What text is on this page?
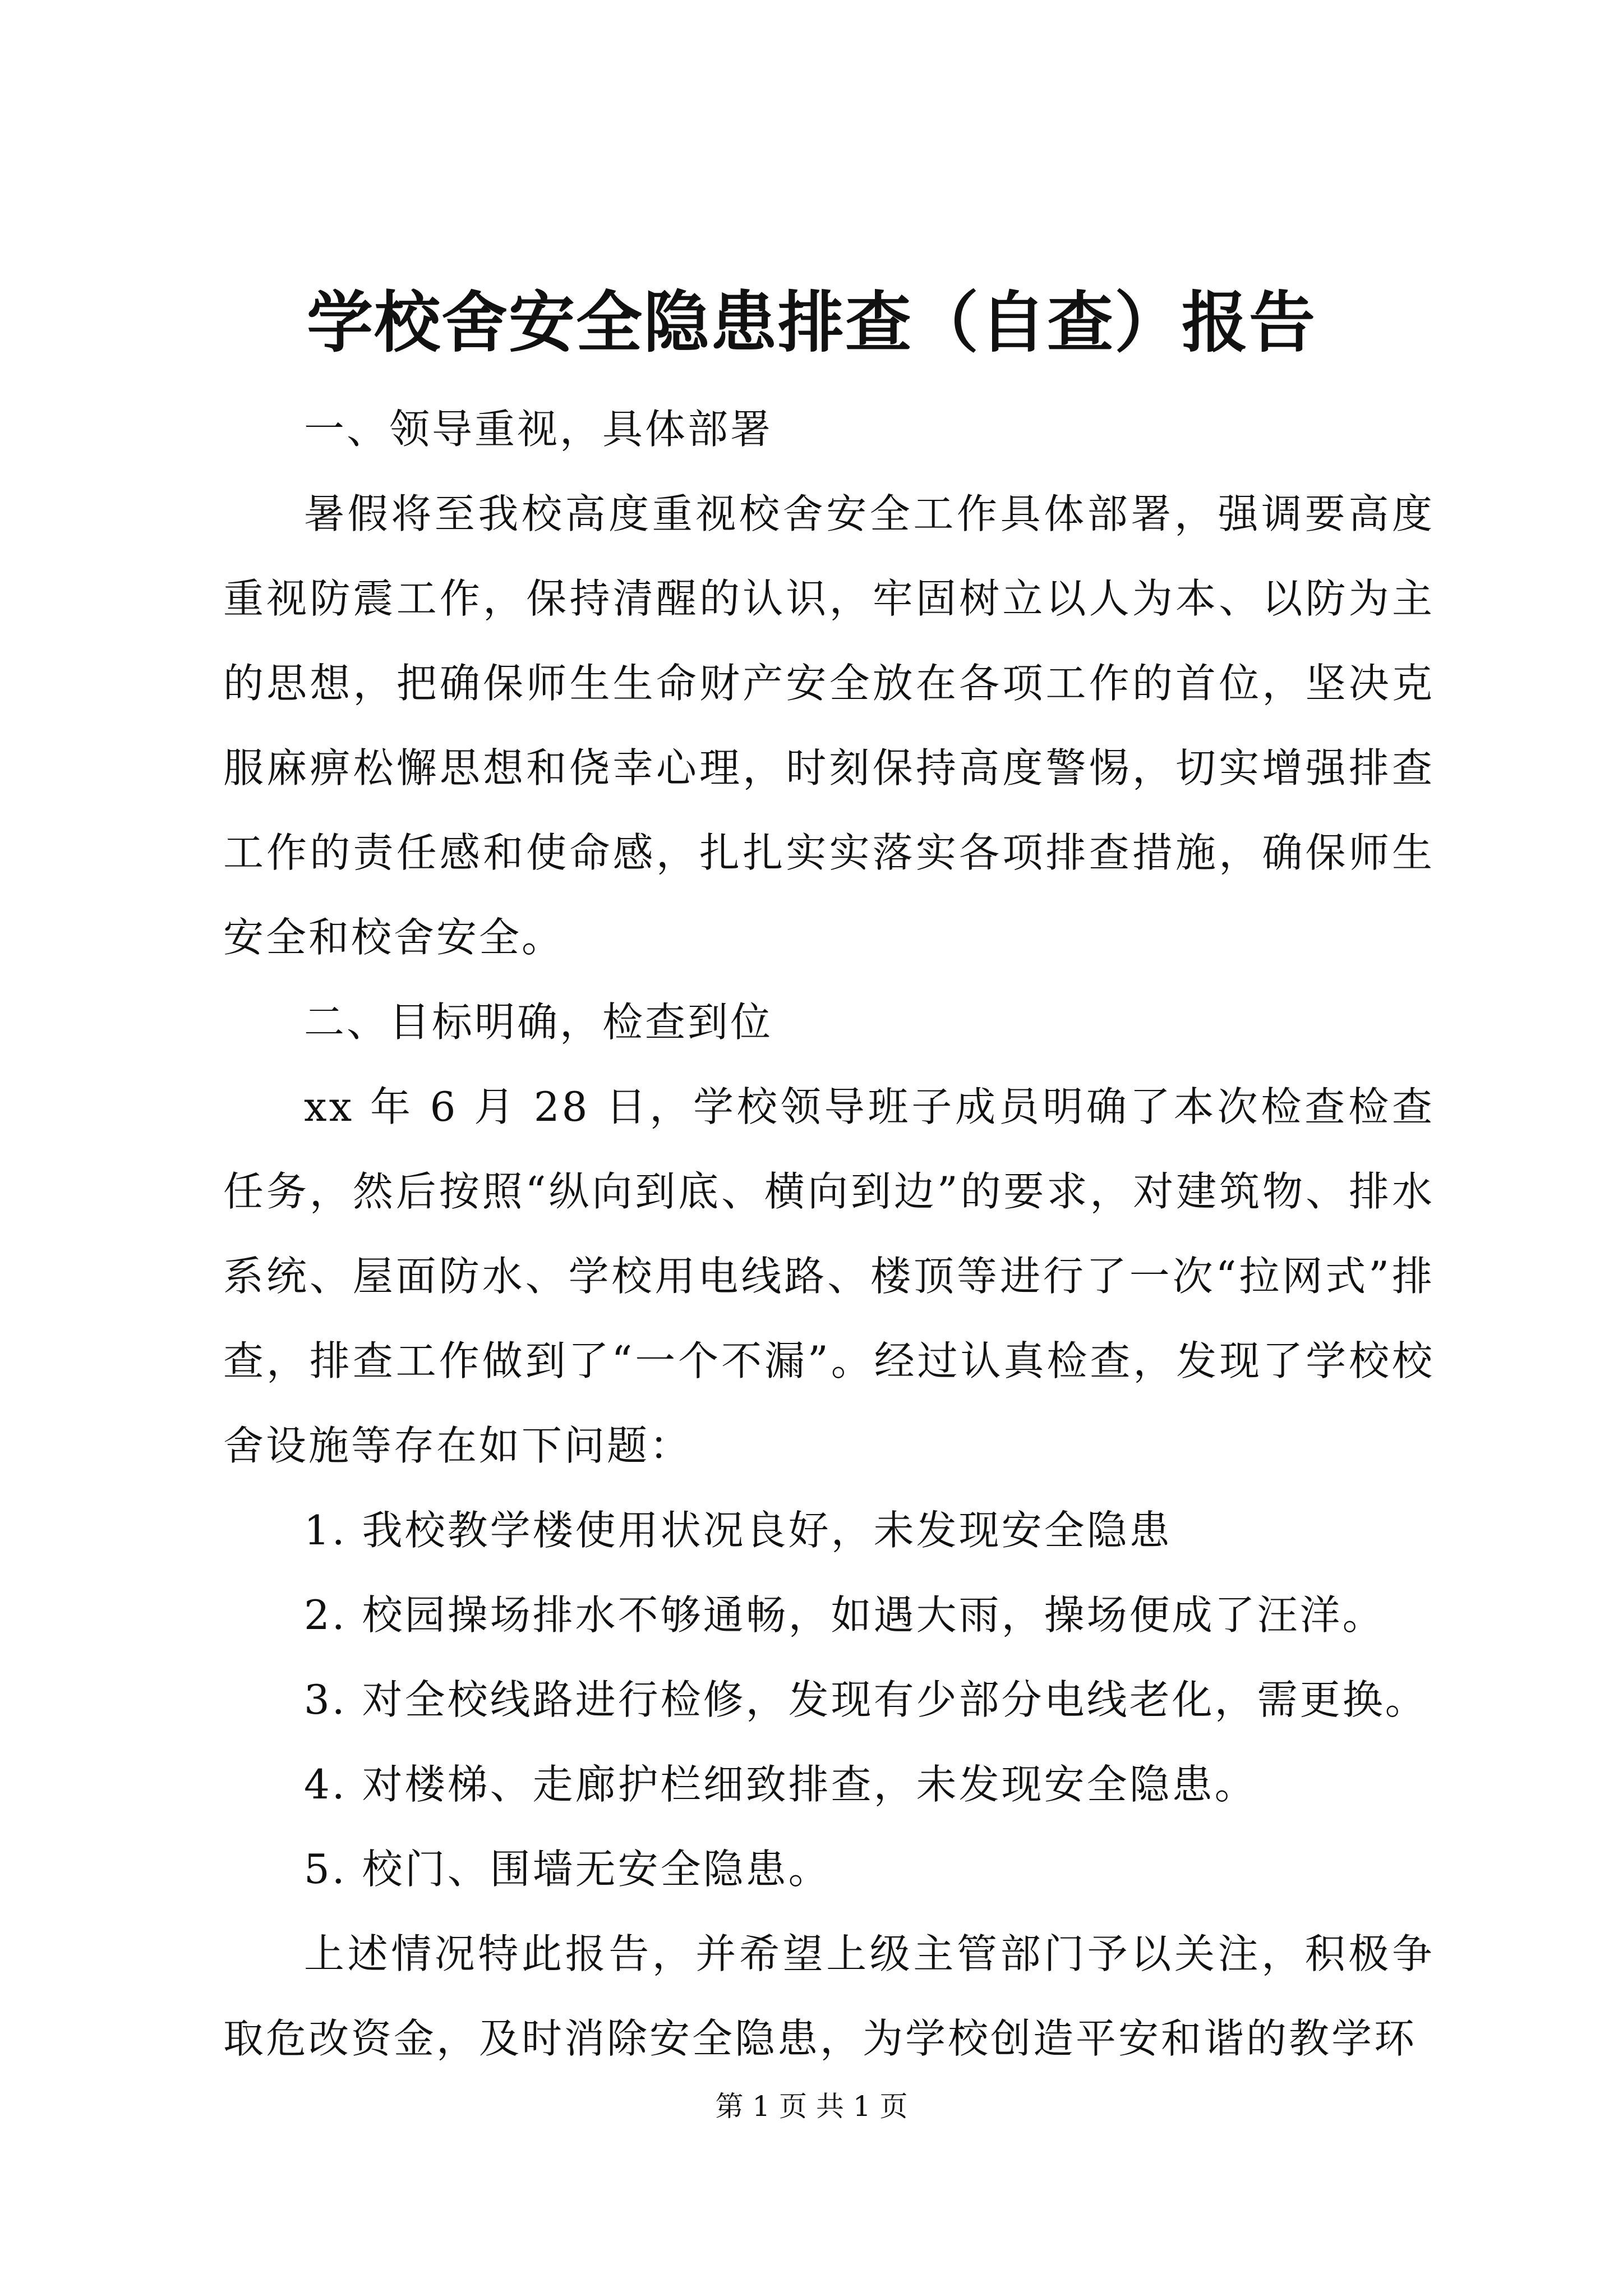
学校舍安全隐患排查（自查）报告

一、领导重视，具体部署

暑假将至我校高度重视校舍安全工作具体部署，强调要高度重视防震工作，保持清醒的认识，牢固树立以人为本、以防为主的思想，把确保师生生命财产安全放在各项工作的首位，坚决克服麻痹松懈思想和侥幸心理，时刻保持高度警惕，切实增强排查工作的责任感和使命感，扎扎实实落实各项排查措施，确保师生安全和校舍安全。

二、目标明确，检查到位

xx 年 6 月 28 日，学校领导班子成员明确了本次检查检查任务，然后按照“纵向到底、横向到边”的要求，对建筑物、排水系统、屋面防水、学校用电线路、楼顶等进行了一次“拉网式”排查，排查工作做到了“一个不漏”。经过认真检查，发现了学校校舍设施等存在如下问题：

1. 我校教学楼使用状况良好，未发现安全隐患

2. 校园操场排水不够通畅，如遇大雨，操场便成了汪洋。

3. 对全校线路进行检修，发现有少部分电线老化，需更换。

4. 对楼梯、走廊护栏细致排查，未发现安全隐患。

5. 校门、围墙无安全隐患。

上述情况特此报告，并希望上级主管部门予以关注，积极争取危改资金，及时消除安全隐患，为学校创造平安和谐的教学环

第 1 页 共 1 页
